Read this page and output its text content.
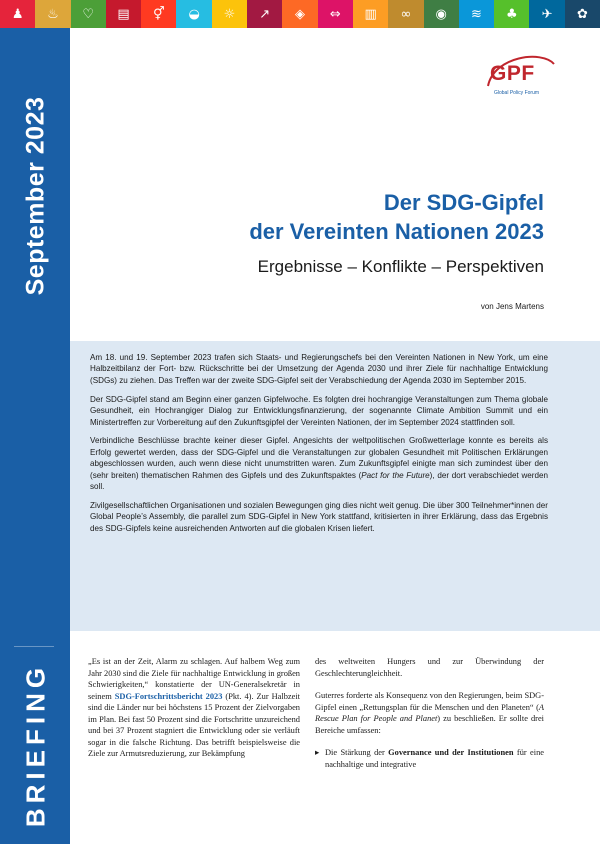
♟	♨	♡	▤	⚥	◒	☼	↗	◈	⇔	▥	∞	◉	≋	♣	✈	✿
September 2023
BRIEFING
GPF
Global Policy Forum
Der SDG-Gipfel
der Vereinten Nationen 2023
Ergebnisse – Konflikte – Perspektiven
von Jens Martens

Am 18. und 19. September 2023 trafen sich Staats- und Regierungschefs bei den Vereinten Nationen in New York, um eine Halbzeitbilanz der Fort- bzw. Rückschritte bei der Umsetzung der Agenda 2030 und ihrer Ziele für nachhaltige Entwicklung (SDGs) zu ziehen. Das Treffen war der zweite SDG-Gipfel seit der Verabschiedung der Agenda 2030 im September 2015.

Der SDG-Gipfel stand am Beginn einer ganzen Gipfelwoche. Es folgten drei hochrangige Veranstaltungen zum Thema globale Gesundheit, ein Hochrangiger Dialog zur Entwicklungsfinanzierung, der sogenannte Climate Ambition Summit und ein Ministertreffen zur Vorbereitung auf den Zukunftsgipfel der Vereinten Nationen, der im September 2024 stattfinden soll.

Verbindliche Beschlüsse brachte keiner dieser Gipfel. Angesichts der weltpolitischen Großwetterlage konnte es bereits als Erfolg gewertet werden, dass der SDG-Gipfel und die Veranstaltungen zur globalen Gesundheit mit Politischen Erklärungen abgeschlossen wurden, auch wenn diese nicht unumstritten waren. Zum Zukunftsgipfel einigte man sich zumindest über den (sehr breiten) thematischen Rahmen des Gipfels und des Zukunftspaktes (Pact for the Future), der dort verabschiedet werden soll.

Zivilgesellschaftlichen Organisationen und sozialen Bewegungen ging dies nicht weit genug. Die über 300 Teilnehmer*innen der Global People’s Assembly, die parallel zum SDG-Gipfel in New York stattfand, kritisierten in ihrer Erklärung, dass das Ergebnis des SDG-Gipfels keine ausreichenden Antworten auf die globalen Krisen liefert.

„Es ist an der Zeit, Alarm zu schlagen. Auf halbem Weg zum Jahr 2030 sind die Ziele für nachhaltige Entwicklung in großen Schwierigkeiten,“ konstatierte der UN-Generalsekretär in seinem SDG-Fortschrittsbericht 2023 (Pkt. 4). Zur Halbzeit sind die Länder nur bei höchstens 15 Prozent der Zielvorgaben im Plan. Bei fast 50 Prozent sind die Fortschritte unzureichend und bei 37 Prozent stagniert die Entwicklung oder sie verläuft sogar in die falsche Richtung. Das betrifft beispielsweise die Ziele zur Armutsreduzierung, zur Bekämpfung

des weltweiten Hungers und zur Überwindung der Geschlechterungleichheit.

Guterres forderte als Konsequenz von den Regierungen, beim SDG-Gipfel einen „Rettungsplan für die Menschen und den Planeten“ (A Rescue Plan for People and Planet) zu beschließen. Er sollte drei Bereiche umfassen:

▸ Die Stärkung der Governance und der Institutionen für eine nachhaltige und integrative
